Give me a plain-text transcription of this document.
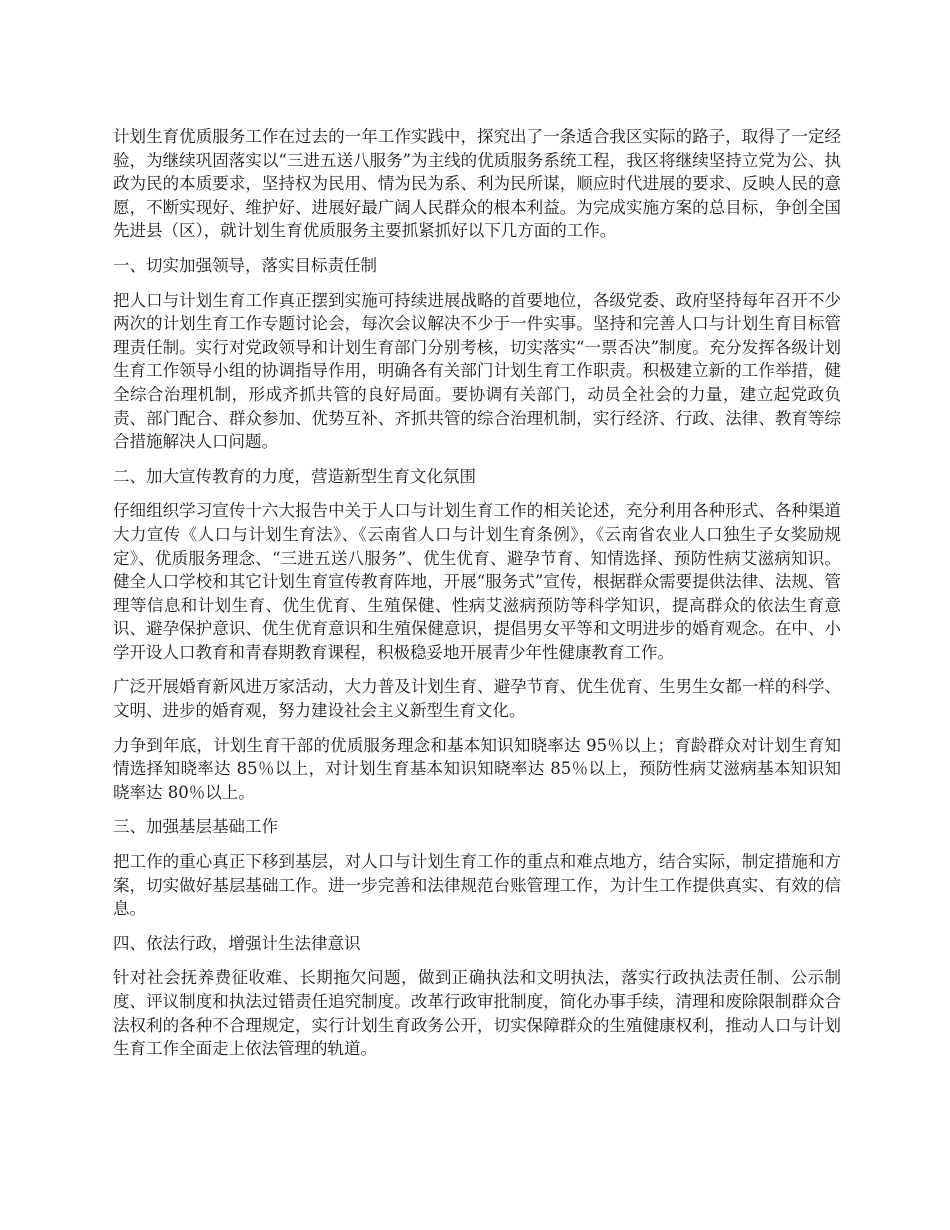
计划生育优质服务工作在过去的一年工作实践中，探究出了一条适合我区实际的路子，取得了一定经验，为继续巩固落实以“三进五送八服务”为主线的优质服务系统工程，我区将继续坚持立党为公、执政为民的本质要求，坚持权为民用、情为民为系、利为民所谋，顺应时代进展的要求、反映人民的意愿，不断实现好、维护好、进展好最广阔人民群众的根本利益。为完成实施方案的总目标，争创全国先进县（区），就计划生育优质服务主要抓紧抓好以下几方面的工作。

一、切实加强领导，落实目标责任制

把人口与计划生育工作真正摆到实施可持续进展战略的首要地位，各级党委、政府坚持每年召开不少两次的计划生育工作专题讨论会，每次会议解决不少于一件实事。坚持和完善人口与计划生育目标管理责任制。实行对党政领导和计划生育部门分别考核，切实落实“一票否决”制度。充分发挥各级计划生育工作领导小组的协调指导作用，明确各有关部门计划生育工作职责。积极建立新的工作举措，健全综合治理机制，形成齐抓共管的良好局面。要协调有关部门，动员全社会的力量，建立起党政负责、部门配合、群众参加、优势互补、齐抓共管的综合治理机制，实行经济、行政、法律、教育等综合措施解决人口问题。

二、加大宣传教育的力度，营造新型生育文化氛围

仔细组织学习宣传十六大报告中关于人口与计划生育工作的相关论述，充分利用各种形式、各种渠道大力宣传《人口与计划生育法》、《云南省人口与计划生育条例》，《云南省农业人口独生子女奖励规定》、优质服务理念、“三进五送八服务”、优生优育、避孕节育、知情选择、预防性病艾滋病知识。健全人口学校和其它计划生育宣传教育阵地，开展“服务式”宣传，根据群众需要提供法律、法规、管理等信息和计划生育、优生优育、生殖保健、性病艾滋病预防等科学知识，提高群众的依法生育意识、避孕保护意识、优生优育意识和生殖保健意识，提倡男女平等和文明进步的婚育观念。在中、小学开设人口教育和青春期教育课程，积极稳妥地开展青少年性健康教育工作。

广泛开展婚育新风进万家活动，大力普及计划生育、避孕节育、优生优育、生男生女都一样的科学、文明、进步的婚育观，努力建设社会主义新型生育文化。

力争到年底，计划生育干部的优质服务理念和基本知识知晓率达 95％以上；育龄群众对计划生育知情选择知晓率达 85％以上，对计划生育基本知识知晓率达 85％以上，预防性病艾滋病基本知识知晓率达 80％以上。

三、加强基层基础工作

把工作的重心真正下移到基层，对人口与计划生育工作的重点和难点地方，结合实际，制定措施和方案，切实做好基层基础工作。进一步完善和法律规范台账管理工作，为计生工作提供真实、有效的信息。

四、依法行政，增强计生法律意识

针对社会抚养费征收难、长期拖欠问题，做到正确执法和文明执法，落实行政执法责任制、公示制度、评议制度和执法过错责任追究制度。改革行政审批制度，简化办事手续，清理和废除限制群众合法权利的各种不合理规定，实行计划生育政务公开，切实保障群众的生殖健康权利，推动人口与计划生育工作全面走上依法管理的轨道。
